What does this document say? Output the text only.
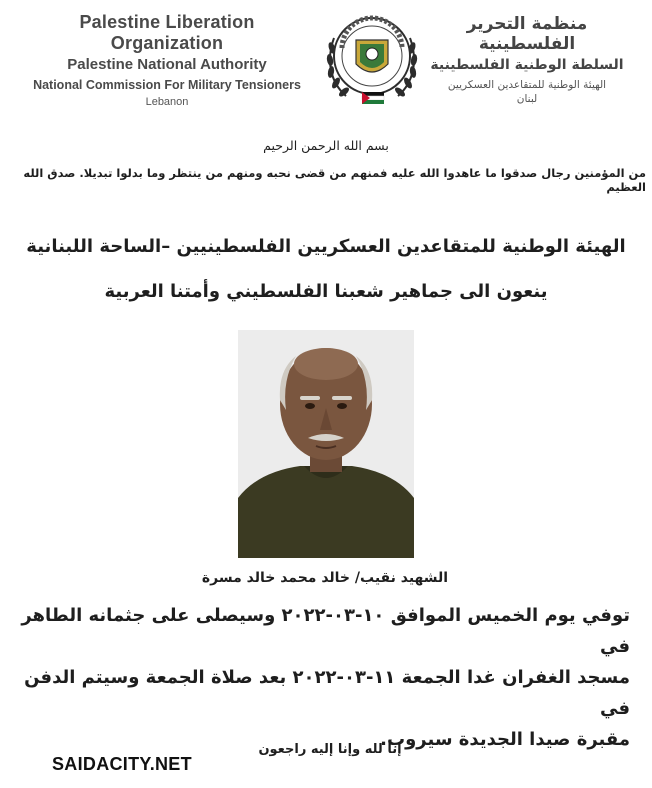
Palestine Liberation Organization
Palestine National Authority
National Commission For Military Tensioners
Lebanon
منظمة التحرير الفلسطينية
السلطة الوطنية الفلسطينية
الهيئة الوطنية للمتقاعدين العسكريين
لبنان
بسم الله الرحمن الرحيم
من المؤمنين رجال صدقوا ما عاهدوا الله عليه فمنهم من قضى نحبه ومنهم من ينتظر وما بدلوا تبديلا. صدق الله العظيم
الهيئة الوطنية للمتقاعدين العسكريين الفلسطينيين –الساحة اللبنانية
ينعون الى جماهير شعبنا الفلسطيني وأمتنا العربية
الشهيد نقيب/ خالد محمد خالد مسرة
توفي يوم الخميس الموافق ١٠-٠٣-٢٠٢٢ وسيصلى على جثمانه الطاهر في
مسجد الغفران غدا الجمعة ١١-٠٣-٢٠٢٢ بعد صلاة الجمعة وسيتم الدفن في
مقبرة صيدا الجديدة سيروب.
SAIDACITY.NET
إنا لله وإنا إليه راجعون
